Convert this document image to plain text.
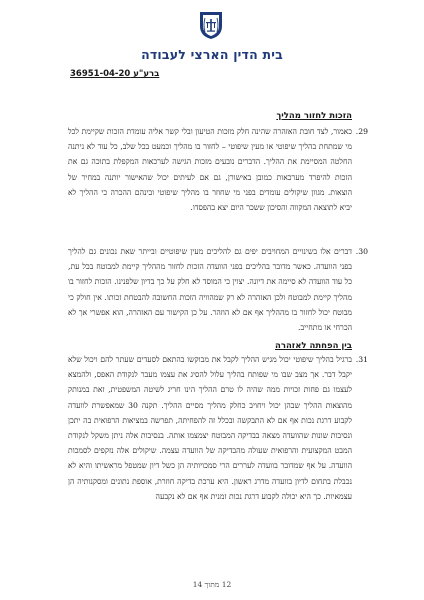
בית הדין הארצי לעבודה
ברע"ע 36951-04-20
הזכות לחזור מהליך
29.
כאמור, לצד חובת האזהרה שהינה חלק מזכות הטיעון ובלי קשר אליה עומדת הזכות שקיימת לכל מי שמתחת בהליך שיפוטי או מעין שיפוטי – לחזור בו מהליך וכמעט בכל שלב, כל עוד לא ניתנה החלטה המסיימת את ההליך. הדברים נובעים מזכות הגישה לערכאות המקפלת בתוכה גם את הזכות להיפרד מערכאות כמובן באישורן, גם אם לעיתים יכול שהאישור יותנה במחיר של הוצאות. מגוון שיקולים עומדים בפני מי שחוזר בו מהליך שיפוטי ובינהם ההכרה כי ההליך לא יביא לתוצאה המקווה והסיכון ששכר היום יצא בהפסדו.
30.
דברים אלו בשינויים המחויבים יפים גם להליכים מעין שיפוטיים ובייתר שאת נכונים גם להליך בפני הוועדה. כאשר מדובר בהליכים בפני הוועדה הזכות לחזור מההליך קיימת למבוטח בכל עת, כל עוד הוועדה לא סיימה את דיונה. יצוין כי המוסד לא חלק על כך בדיון שלפנינו. הזכות לחזור בו מהליך קיימת למבוטח ולכן האזהרה לא רק שמהוויה הזכות החשובה להבטחת זכותו. אין חולק כי מבוטח יכול לחזור בו מההליך אף אם לא הוזהר. על כן הקישור עם האזהרה, הוא אפשרי אך לא הכרחי או מתחייב.
בין הפחתה לאזהרה
31.
ברגיל בהליך שיפוטי יכול מגיש ההליך לקבל את מבוקשו בהתאם לסעדים שעתר להם ויכול שלא יקבל דבר. אך מצב שבו מי שפותח בהליך עלול להסיג את עצמו מעבר לנקודת האפס, ולהמצא לעצמו גם פחות זכויות ממה שהיה לו טרם ההליך הינו חריג לשיטה המשפטית, זאת במנותק מהוצאות ההליך שבהן יכול ויחויב כחלק מהליך מסיים ההליך. תקנה 30 שמאפשרת לוועדה לקבוע דרגת נכות אף אם לא התבקשה ובכלל זה להפחיתה, תפרשה במציאות הרפואית בה יתכן ונסיבות שונות שהוועדה מצאה בבדיקה המבוטח יצמצמו אותה. בנסיבות אלה ניתן משקל לנקודת המבט המקצועית והרפואית שעולה מהבדיקה של הוועדה עצמה. שיקולים אלה נזקפים לסמכות הוועדה. על אף שמדובר בוועדה לעררים הרי סמכויותיה הן כשל דיון שמטפל מראשיתו והיא לא נכבלת בתחום לדיון בוועדה מדרג ראשון. היא ערכת בדיקה חוזרת, אוספת נתונים ומסקנותיה הן עצמאיות. כך היא יכולה לקבוע דרגת נכות זמנית אף אם לא נקבעה
12 מתוך 14
